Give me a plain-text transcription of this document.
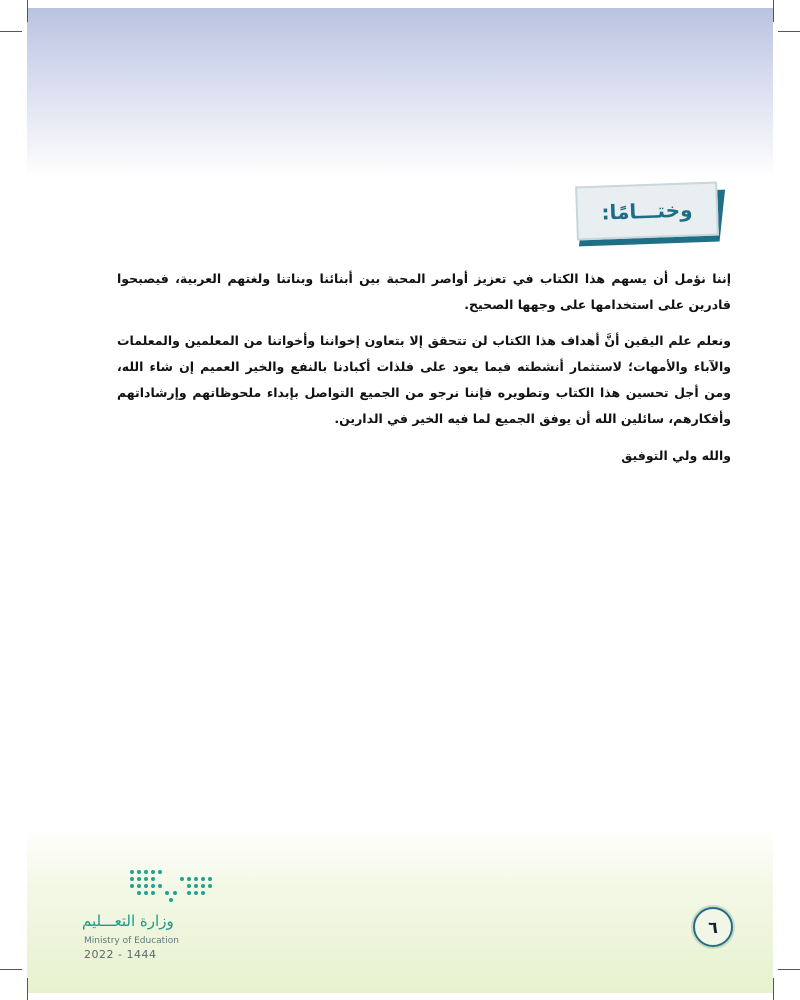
وختـــامًا:

إننا نؤمل أن يسهم هذا الكتاب في تعزيز أواصر المحبة بين أبنائنا وبناتنا ولغتهم العربية، فيصبحوا قادرين على استخدامها على وجهها الصحيح.

ونعلم علم اليقين أنَّ أهداف هذا الكتاب لن تتحقق إلا بتعاون إخواننا وأخواتنا من المعلمين والمعلمات والآباء والأمهات؛ لاستثمار أنشطته فيما يعود على فلذات أكبادنا بالنفع والخير العميم إن شاء الله، ومن أجل تحسين هذا الكتاب وتطويره فإننا نرجو من الجميع التواصل بإبداء ملحوظاتهم وإرشاداتهم وأفكارهم، سائلين الله أن يوفق الجميع لما فيه الخير في الدارين.

والله ولي التوفيق
وزارة التعـــليم
Ministry of Education
2022 - 1444
٦
